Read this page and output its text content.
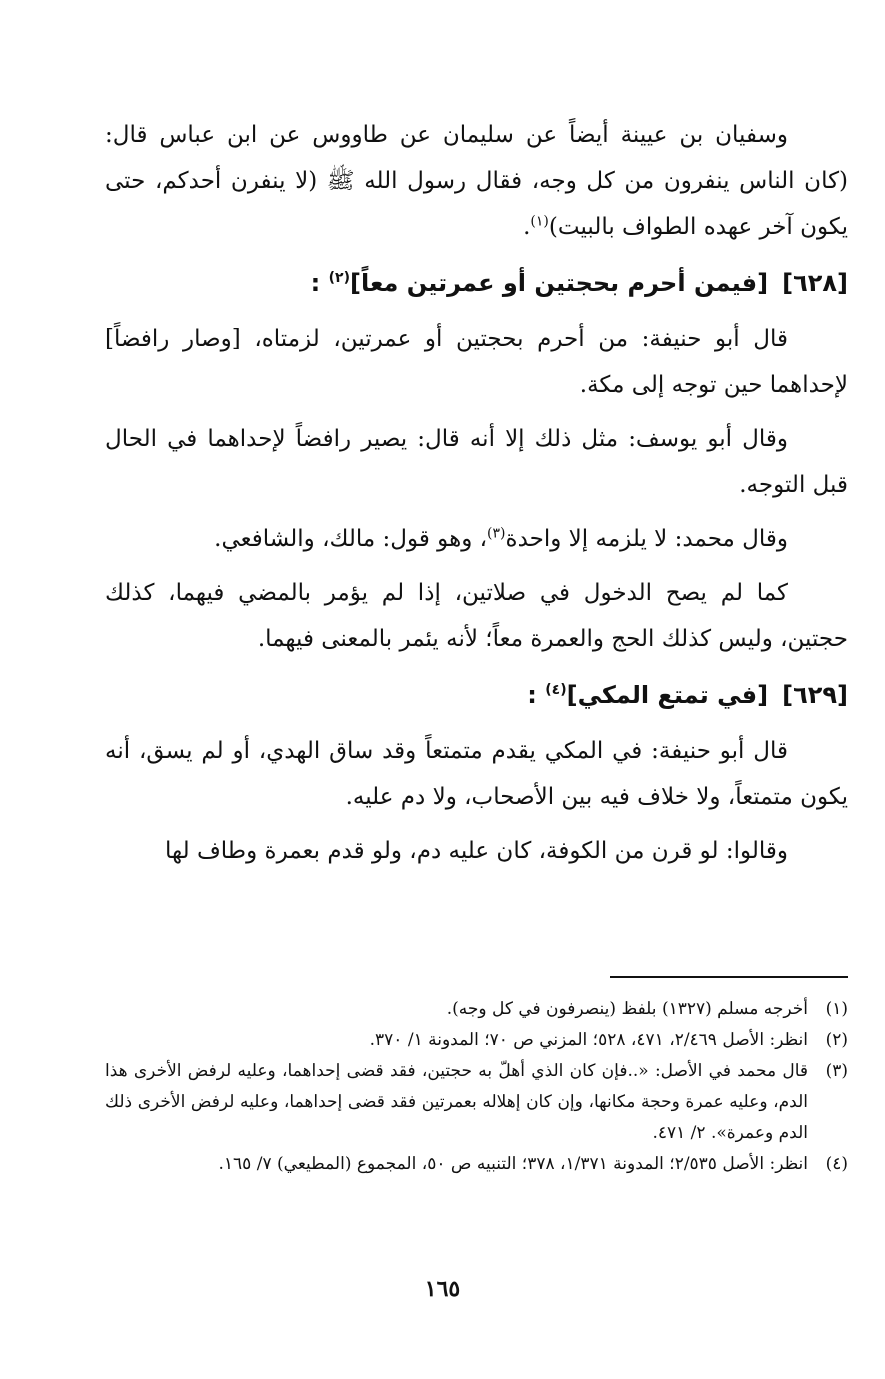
وسفيان بن عيينة أيضاً عن سليمان عن طاووس عن ابن عباس قال: (كان الناس ينفرون من كل وجه، فقال رسول الله ﷺ (لا ينفرن أحدكم، حتى يكون آخر عهده الطواف بالبيت)$^{(١)}$.

[٦٢٨][فيمن أحرم بحجتين أو عمرتين معاً]$^{(٢)}$ :

قال أبو حنيفة: من أحرم بحجتين أو عمرتين، لزمتاه، [وصار رافضاً] لإحداهما حين توجه إلى مكة.

وقال أبو يوسف: مثل ذلك إلا أنه قال: يصير رافضاً لإحداهما في الحال قبل التوجه.

وقال محمد: لا يلزمه إلا واحدة$^{(٣)}$، وهو قول: مالك، والشافعي.

كما لم يصح الدخول في صلاتين، إذا لم يؤمر بالمضي فيهما، كذلك حجتين، وليس كذلك الحج والعمرة معاً؛ لأنه يئمر بالمعنى فيهما.

[٦٢٩][في تمتع المكي]$^{(٤)}$ :

قال أبو حنيفة: في المكي يقدم متمتعاً وقد ساق الهدي، أو لم يسق، أنه يكون متمتعاً، ولا خلاف فيه بين الأصحاب، ولا دم عليه.

وقالوا: لو قرن من الكوفة، كان عليه دم، ولو قدم بعمرة وطاف لها

(١)
أخرجه مسلم (١٣٢٧) بلفظ (ينصرفون في كل وجه).
(٢)
انظر: الأصل ٢/٤٦٩، ٤٧١، ٥٢٨؛ المزني ص ٧٠؛ المدونة ١/ ٣٧٠.
(٣)
قال محمد في الأصل: «..فإن كان الذي أهلّ به حجتين، فقد قضى إحداهما، وعليه لرفض الأخرى هذا الدم، وعليه عمرة وحجة مكانها، وإن كان إهلاله بعمرتين فقد قضى إحداهما، وعليه لرفض الأخرى ذلك الدم وعمرة». ٢/ ٤٧١.
(٤)
انظر: الأصل ٢/٥٣٥؛ المدونة ١/٣٧١، ٣٧٨؛ التنبيه ص ٥٠، المجموع (المطيعي) ٧/ ١٦٥.
١٦٥
